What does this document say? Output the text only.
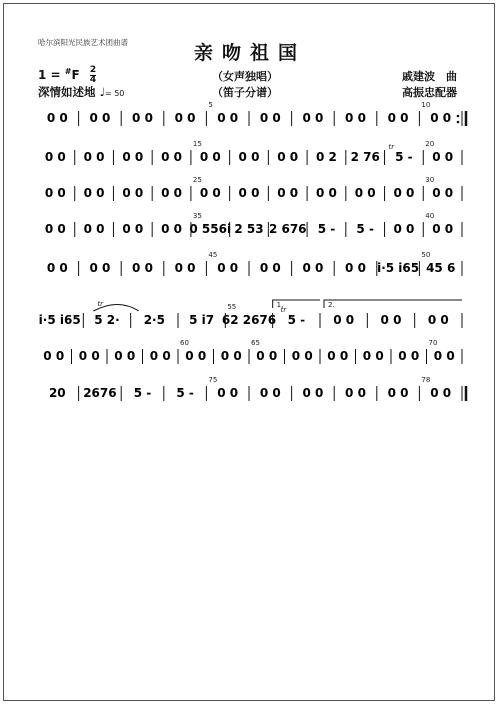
哈尔滨阳光民族艺术团曲谱	亲吻祖国
$1 = ^{\#}F \frac{2}{4}$
深情如述地 ♩= 50
（女声独唱）
（笛子分谱）
戚建波　曲
高振忠配器
0 0 0 0 0 0 0 0 0 0 0 0 0 0 0 0 0 0 0 0
5	10
0 0 0 0 0 0 0 0 0 0 0 0 0 0 0 2 2 76 5 - 0 0
15	20
tr
0 0 0 0 0 0 0 0 0 0 0 0 0 0 0 0 0 0 0 0 0 0
25	30
0 0 0 0 0 0 0 0 0 556i 2 53 2 676 5 - 5 - 0 0 0 0
35	40
0 0 0 0 0 0 0 0 0 0 0 0 0 0 0 0 i·5 i65 45 6
45	50
i·5 i65 5 2· 2·5 5 i7 62 2676 5 - 0 0 0 0 0 0
55	1.	2.
tr
tr
0 0 0 0 0 0 0 0 0 0 0 0 0 0 0 0 0 0 0 0 0 0 0 0
60	65	70
20 2676 5 - 5 - 0 0 0 0 0 0 0 0 0 0 0 0
75	78
